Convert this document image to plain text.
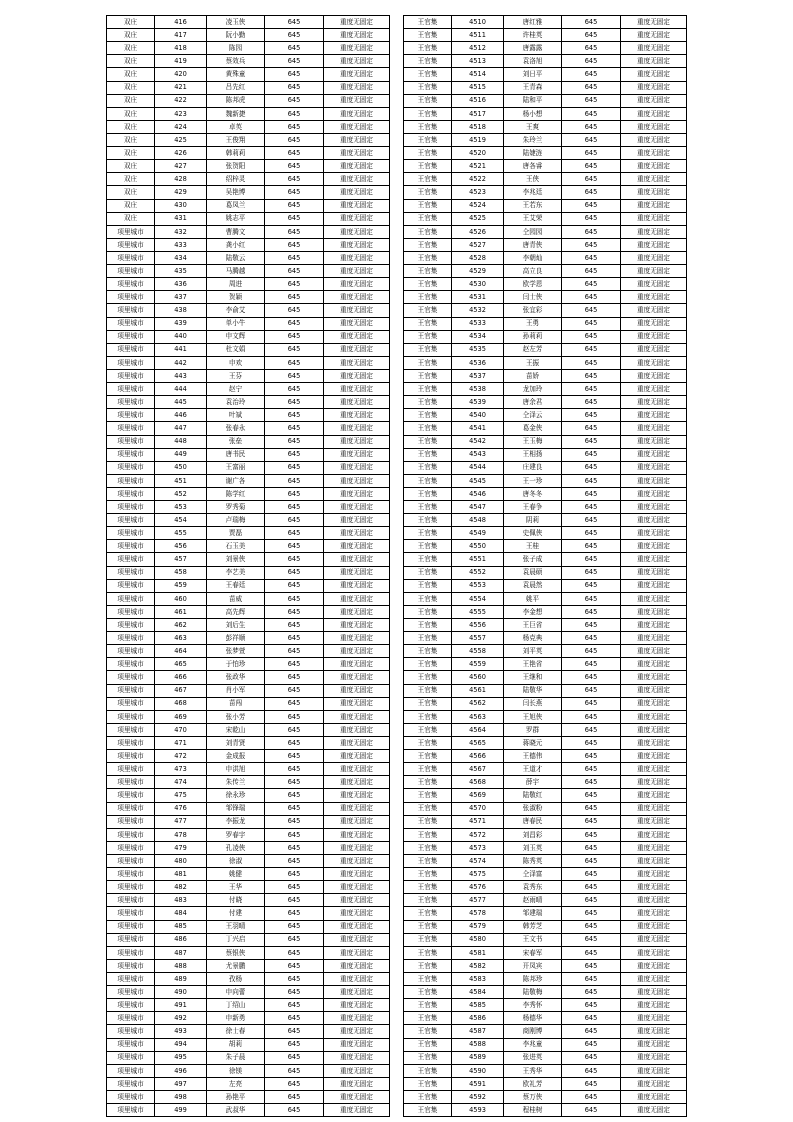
双庄	416	凌玉侠	645	重度无固定
双庄	417	阮小勤	645	重度无固定
双庄	418	陈园	645	重度无固定
双庄	419	蔡效兵	645	重度无固定
双庄	420	黄殊童	645	重度无固定
双庄	421	吕先红	645	重度无固定
双庄	422	陈邦虎	645	重度无固定
双庄	423	魏新捷	645	重度无固定
双庄	424	卓英	645	重度无固定
双庄	425	王俊翔	645	重度无固定
双庄	426	韩莉莉	645	重度无固定
双庄	427	张贺阳	645	重度无固定
双庄	428	绍梓灵	645	重度无固定
双庄	429	吴艳博	645	重度无固定
双庄	430	葛凤兰	645	重度无固定
双庄	431	姚志平	645	重度无固定
项里城市	432	曹腾文	645	重度无固定
项里城市	433	龚小红	645	重度无固定
项里城市	434	陆敬云	645	重度无固定
项里城市	435	马腾越	645	重度无固定
项里城市	436	周进	645	重度无固定
项里城市	437	贺颖	645	重度无固定
项里城市	438	李俞艾	645	重度无固定
项里城市	439	单小牛	645	重度无固定
项里城市	440	申文辉	645	重度无固定
项里城市	441	杜文娟	645	重度无固定
项里城市	442	申欢	645	重度无固定
项里城市	443	王芬	645	重度无固定
项里城市	444	赵宁	645	重度无固定
项里城市	445	袁治玲	645	重度无固定
项里城市	446	叶斌	645	重度无固定
项里城市	447	张春永	645	重度无固定
项里城市	448	张垒	645	重度无固定
项里城市	449	唐书民	645	重度无固定
项里城市	450	王富丽	645	重度无固定
项里城市	451	谢广各	645	重度无固定
项里城市	452	陈学红	645	重度无固定
项里城市	453	罗秀菊	645	重度无固定
项里城市	454	卢瑞梅	645	重度无固定
项里城市	455	贾磊	645	重度无固定
项里城市	456	石玉美	645	重度无固定
项里城市	457	刘景侠	645	重度无固定
项里城市	458	李艺美	645	重度无固定
项里城市	459	王春廷	645	重度无固定
项里城市	460	苗威	645	重度无固定
项里城市	461	高先辉	645	重度无固定
项里城市	462	刘后生	645	重度无固定
项里城市	463	彭祥顺	645	重度无固定
项里城市	464	张梦萱	645	重度无固定
项里城市	465	于怕珍	645	重度无固定
项里城市	466	张政华	645	重度无固定
项里城市	467	肖小军	645	重度无固定
项里城市	468	苗闯	645	重度无固定
项里城市	469	张小芳	645	重度无固定
项里城市	470	宋乾山	645	重度无固定
项里城市	471	刘青贤	645	重度无固定
项里城市	472	金成报	645	重度无固定
项里城市	473	申洪旭	645	重度无固定
项里城市	474	朱传兰	645	重度无固定
项里城市	475	徐永珍	645	重度无固定
项里城市	476	邹锋瑞	645	重度无固定
项里城市	477	李振龙	645	重度无固定
项里城市	478	罗春宇	645	重度无固定
项里城市	479	孔凌侠	645	重度无固定
项里城市	480	徐淑	645	重度无固定
项里城市	481	姚健	645	重度无固定
项里城市	482	王华	645	重度无固定
项里城市	483	付晓	645	重度无固定
项里城市	484	付建	645	重度无固定
项里城市	485	王羽晴	645	重度无固定
项里城市	486	丁兴启	645	重度无固定
项里城市	487	蔡银侠	645	重度无固定
项里城市	488	尤景鹏	645	重度无固定
项里城市	489	孜杨	645	重度无固定
项里城市	490	申向蕾	645	重度无固定
项里城市	491	丁绍山	645	重度无固定
项里城市	492	申新勇	645	重度无固定
项里城市	493	徐士春	645	重度无固定
项里城市	494	胡莉	645	重度无固定
项里城市	495	朱子晨	645	重度无固定
项里城市	496	徐镁	645	重度无固定
项里城市	497	左亮	645	重度无固定
项里城市	498	孙艳平	645	重度无固定
项里城市	499	武叔华	645	重度无固定
王官集	4510	唐红雅	645	重度无固定
王官集	4511	许桂英	645	重度无固定
王官集	4512	唐露露	645	重度无固定
王官集	4513	袁洛旭	645	重度无固定
王官集	4514	刘日平	645	重度无固定
王官集	4515	王青森	645	重度无固定
王官集	4516	陆和平	645	重度无固定
王官集	4517	杨小想	645	重度无固定
王官集	4518	王爽	645	重度无固定
王官集	4519	朱玲兰	645	重度无固定
王官集	4520	陆婕涟	645	重度无固定
王官集	4521	唐各睿	645	重度无固定
王官集	4522	王侠	645	重度无固定
王官集	4523	李兆廷	645	重度无固定
王官集	4524	王若东	645	重度无固定
王官集	4525	王艾荣	645	重度无固定
王官集	4526	仝园园	645	重度无固定
王官集	4527	唐青侠	645	重度无固定
王官集	4528	李朝灿	645	重度无固定
王官集	4529	高立良	645	重度无固定
王官集	4530	欧学恩	645	重度无固定
王官集	4531	闫士侠	645	重度无固定
王官集	4532	张宜彩	645	重度无固定
王官集	4533	王勇	645	重度无固定
王官集	4534	孙莉莉	645	重度无固定
王官集	4535	赵左芳	645	重度无固定
王官集	4536	王振	645	重度无固定
王官集	4537	苗娇	645	重度无固定
王官集	4538	龙加玲	645	重度无固定
王官集	4539	唐余君	645	重度无固定
王官集	4540	仝泽云	645	重度无固定
王官集	4541	葛金侠	645	重度无固定
王官集	4542	王玉梅	645	重度无固定
王官集	4543	王相扬	645	重度无固定
王官集	4544	庄建良	645	重度无固定
王官集	4545	王一珍	645	重度无固定
王官集	4546	唐冬冬	645	重度无固定
王官集	4547	王春争	645	重度无固定
王官集	4548	阴莉	645	重度无固定
王官集	4549	史佩侠	645	重度无固定
王官集	4550	王桂	645	重度无固定
王官集	4551	张子成	645	重度无固定
王官集	4552	袁晨硕	645	重度无固定
王官集	4553	袁晨然	645	重度无固定
王官集	4554	姚平	645	重度无固定
王官集	4555	李金想	645	重度无固定
王官集	4556	王巨省	645	重度无固定
王官集	4557	杨克典	645	重度无固定
王官集	4558	刘平英	645	重度无固定
王官集	4559	王艳省	645	重度无固定
王官集	4560	王继和	645	重度无固定
王官集	4561	陆敬华	645	重度无固定
王官集	4562	闫长燕	645	重度无固定
王官集	4563	王旭侠	645	重度无固定
王官集	4564	罗群	645	重度无固定
王官集	4565	蒋晓元	645	重度无固定
王官集	4566	王德伟	645	重度无固定
王官集	4567	王道才	645	重度无固定
王官集	4568	薛宇	645	重度无固定
王官集	4569	陆敬红	645	重度无固定
王官集	4570	张淑粉	645	重度无固定
王官集	4571	唐春民	645	重度无固定
王官集	4572	刘昌彩	645	重度无固定
王官集	4573	刘玉英	645	重度无固定
王官集	4574	陈秀英	645	重度无固定
王官集	4575	仝泽富	645	重度无固定
王官集	4576	袁秀东	645	重度无固定
王官集	4577	赵雨晴	645	重度无固定
王官集	4578	邹建瑞	645	重度无固定
王官集	4579	韩芳芝	645	重度无固定
王官集	4580	王文书	645	重度无固定
王官集	4581	宋春军	645	重度无固定
王官集	4582	开凤宾	645	重度无固定
王官集	4583	陈邦珍	645	重度无固定
王官集	4584	陆敬梅	645	重度无固定
王官集	4585	李秀怀	645	重度无固定
王官集	4586	杨德华	645	重度无固定
王官集	4587	商刚博	645	重度无固定
王官集	4588	李兆童	645	重度无固定
王官集	4589	张进英	645	重度无固定
王官集	4590	王秀华	645	重度无固定
王官集	4591	欧礼芳	645	重度无固定
王官集	4592	蔡万侠	645	重度无固定
王官集	4593	程桂树	645	重度无固定
